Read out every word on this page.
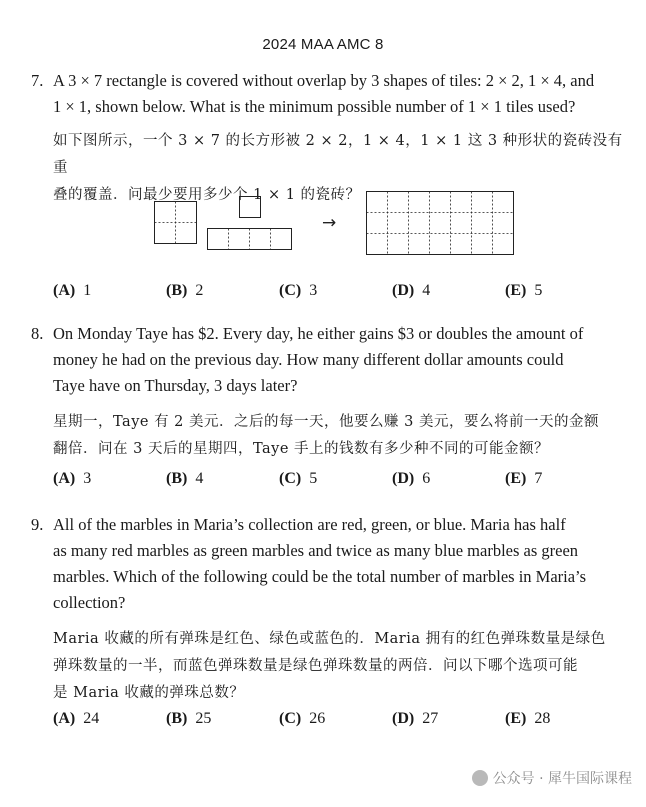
2024 MAA AMC 8
7. A 3 × 7 rectangle is covered without overlap by 3 shapes of tiles: 2 × 2, 1 × 4, and
1 × 1, shown below. What is the minimum possible number of 1 × 1 tiles used?
如下图所示，一个 3 × 7 的长方形被 2 × 2，1 × 4，1 × 1 这 3 种形状的瓷砖没有重
叠的覆盖．问最少要用多少个 1 × 1 的瓷砖？
→
(A) 1	(B) 2	(C) 3	(D) 4	(E) 5
8. On Monday Taye has $2. Every day, he either gains $3 or doubles the amount of
money he had on the previous day. How many different dollar amounts could
Taye have on Thursday, 3 days later?
星期一，Taye 有 2 美元．之后的每一天，他要么赚 3 美元，要么将前一天的金额
翻倍．问在 3 天后的星期四，Taye 手上的钱数有多少种不同的可能金额？
(A) 3	(B) 4	(C) 5	(D) 6	(E) 7
9. All of the marbles in Maria’s collection are red, green, or blue. Maria has half
as many red marbles as green marbles and twice as many blue marbles as green
marbles. Which of the following could be the total number of marbles in Maria’s
collection?
Maria 收藏的所有弹珠是红色、绿色或蓝色的．Maria 拥有的红色弹珠数量是绿色
弹珠数量的一半，而蓝色弹珠数量是绿色弹珠数量的两倍．问以下哪个选项可能
是 Maria 收藏的弹珠总数？
(A) 24	(B) 25	(C) 26	(D) 27	(E) 28
公众号 · 犀牛国际课程
